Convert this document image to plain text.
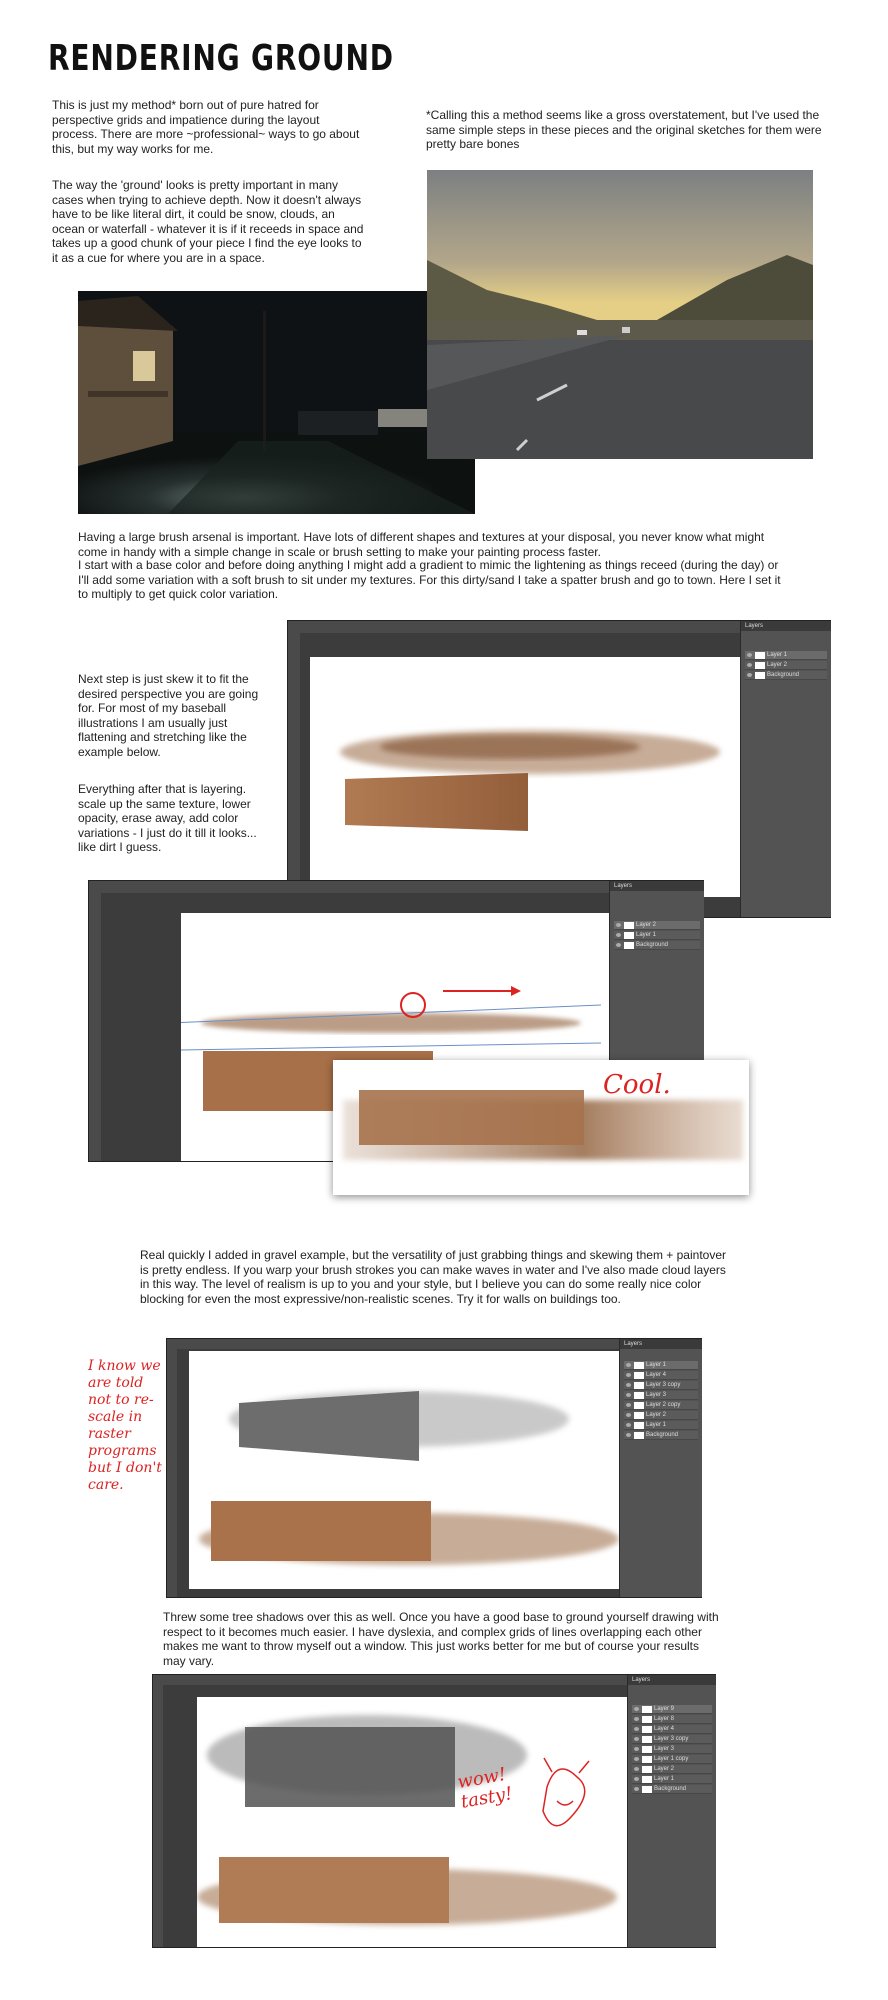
RENDERING GROUND
This is just my method* born out of pure hatred for perspective grids and impatience during the layout process. There are more ~professional~ ways to go about this, but my way works for me.
The way the 'ground' looks is pretty important in many cases when trying to achieve depth. Now it doesn't always have to be like literal dirt, it could be snow, clouds, an ocean or waterfall - whatever it is if it receeds in space and takes up a good chunk of your piece I find the eye looks to it as a cue for where you are in a space.
*Calling this a method seems like a gross overstatement, but I've used the same simple steps in these pieces and the original sketches for them were pretty bare bones
Having a large brush arsenal is important. Have lots of different shapes and textures at your disposal, you never know what might come in handy with a simple change in scale or brush setting to make your painting process faster.
I start with a base color and before doing anything I might add a gradient to mimic the lightening as things receed (during the day) or I'll add some variation with a soft brush to sit under my textures. For this dirty/sand I take a spatter brush and go to town. Here I set it to multiply to get quick color variation.
Layers
Layer 1
Layer 2
Background
Next step is just skew it to fit the desired perspective you are going for. For most of my baseball illustrations I am usually just flattening and stretching like the example below.
Everything after that is layering. scale up the same texture, lower opacity, erase away, add color variations - I just do it till it looks... like dirt I guess.
Layers
Layer 2
Layer 1
Background
Cool.
Real quickly I added in gravel example, but the versatility of just grabbing things and skewing them + paintover is pretty endless. If you warp your brush strokes you can make waves in water and I've also made cloud layers in this way. The level of realism is up to you and your style, but I believe you can do some really nice color blocking for even the most expressive/non-realistic scenes. Try it for walls on buildings too.
I know we are told not to re-scale in raster programs but I don't care.
Layers
Layer 1
Layer 4
Layer 3 copy
Layer 3
Layer 2 copy
Layer 2
Layer 1
Background
Threw some tree shadows over this as well. Once you have a good base to ground yourself drawing with respect to it becomes much easier. I have dyslexia, and complex grids of lines overlapping each other makes me want to throw myself out a window. This just works better for me but of course your results may vary.
wow! tasty!
Layers
Layer 9
Layer 8
Layer 4
Layer 3 copy
Layer 3
Layer 1 copy
Layer 2
Layer 1
Background
